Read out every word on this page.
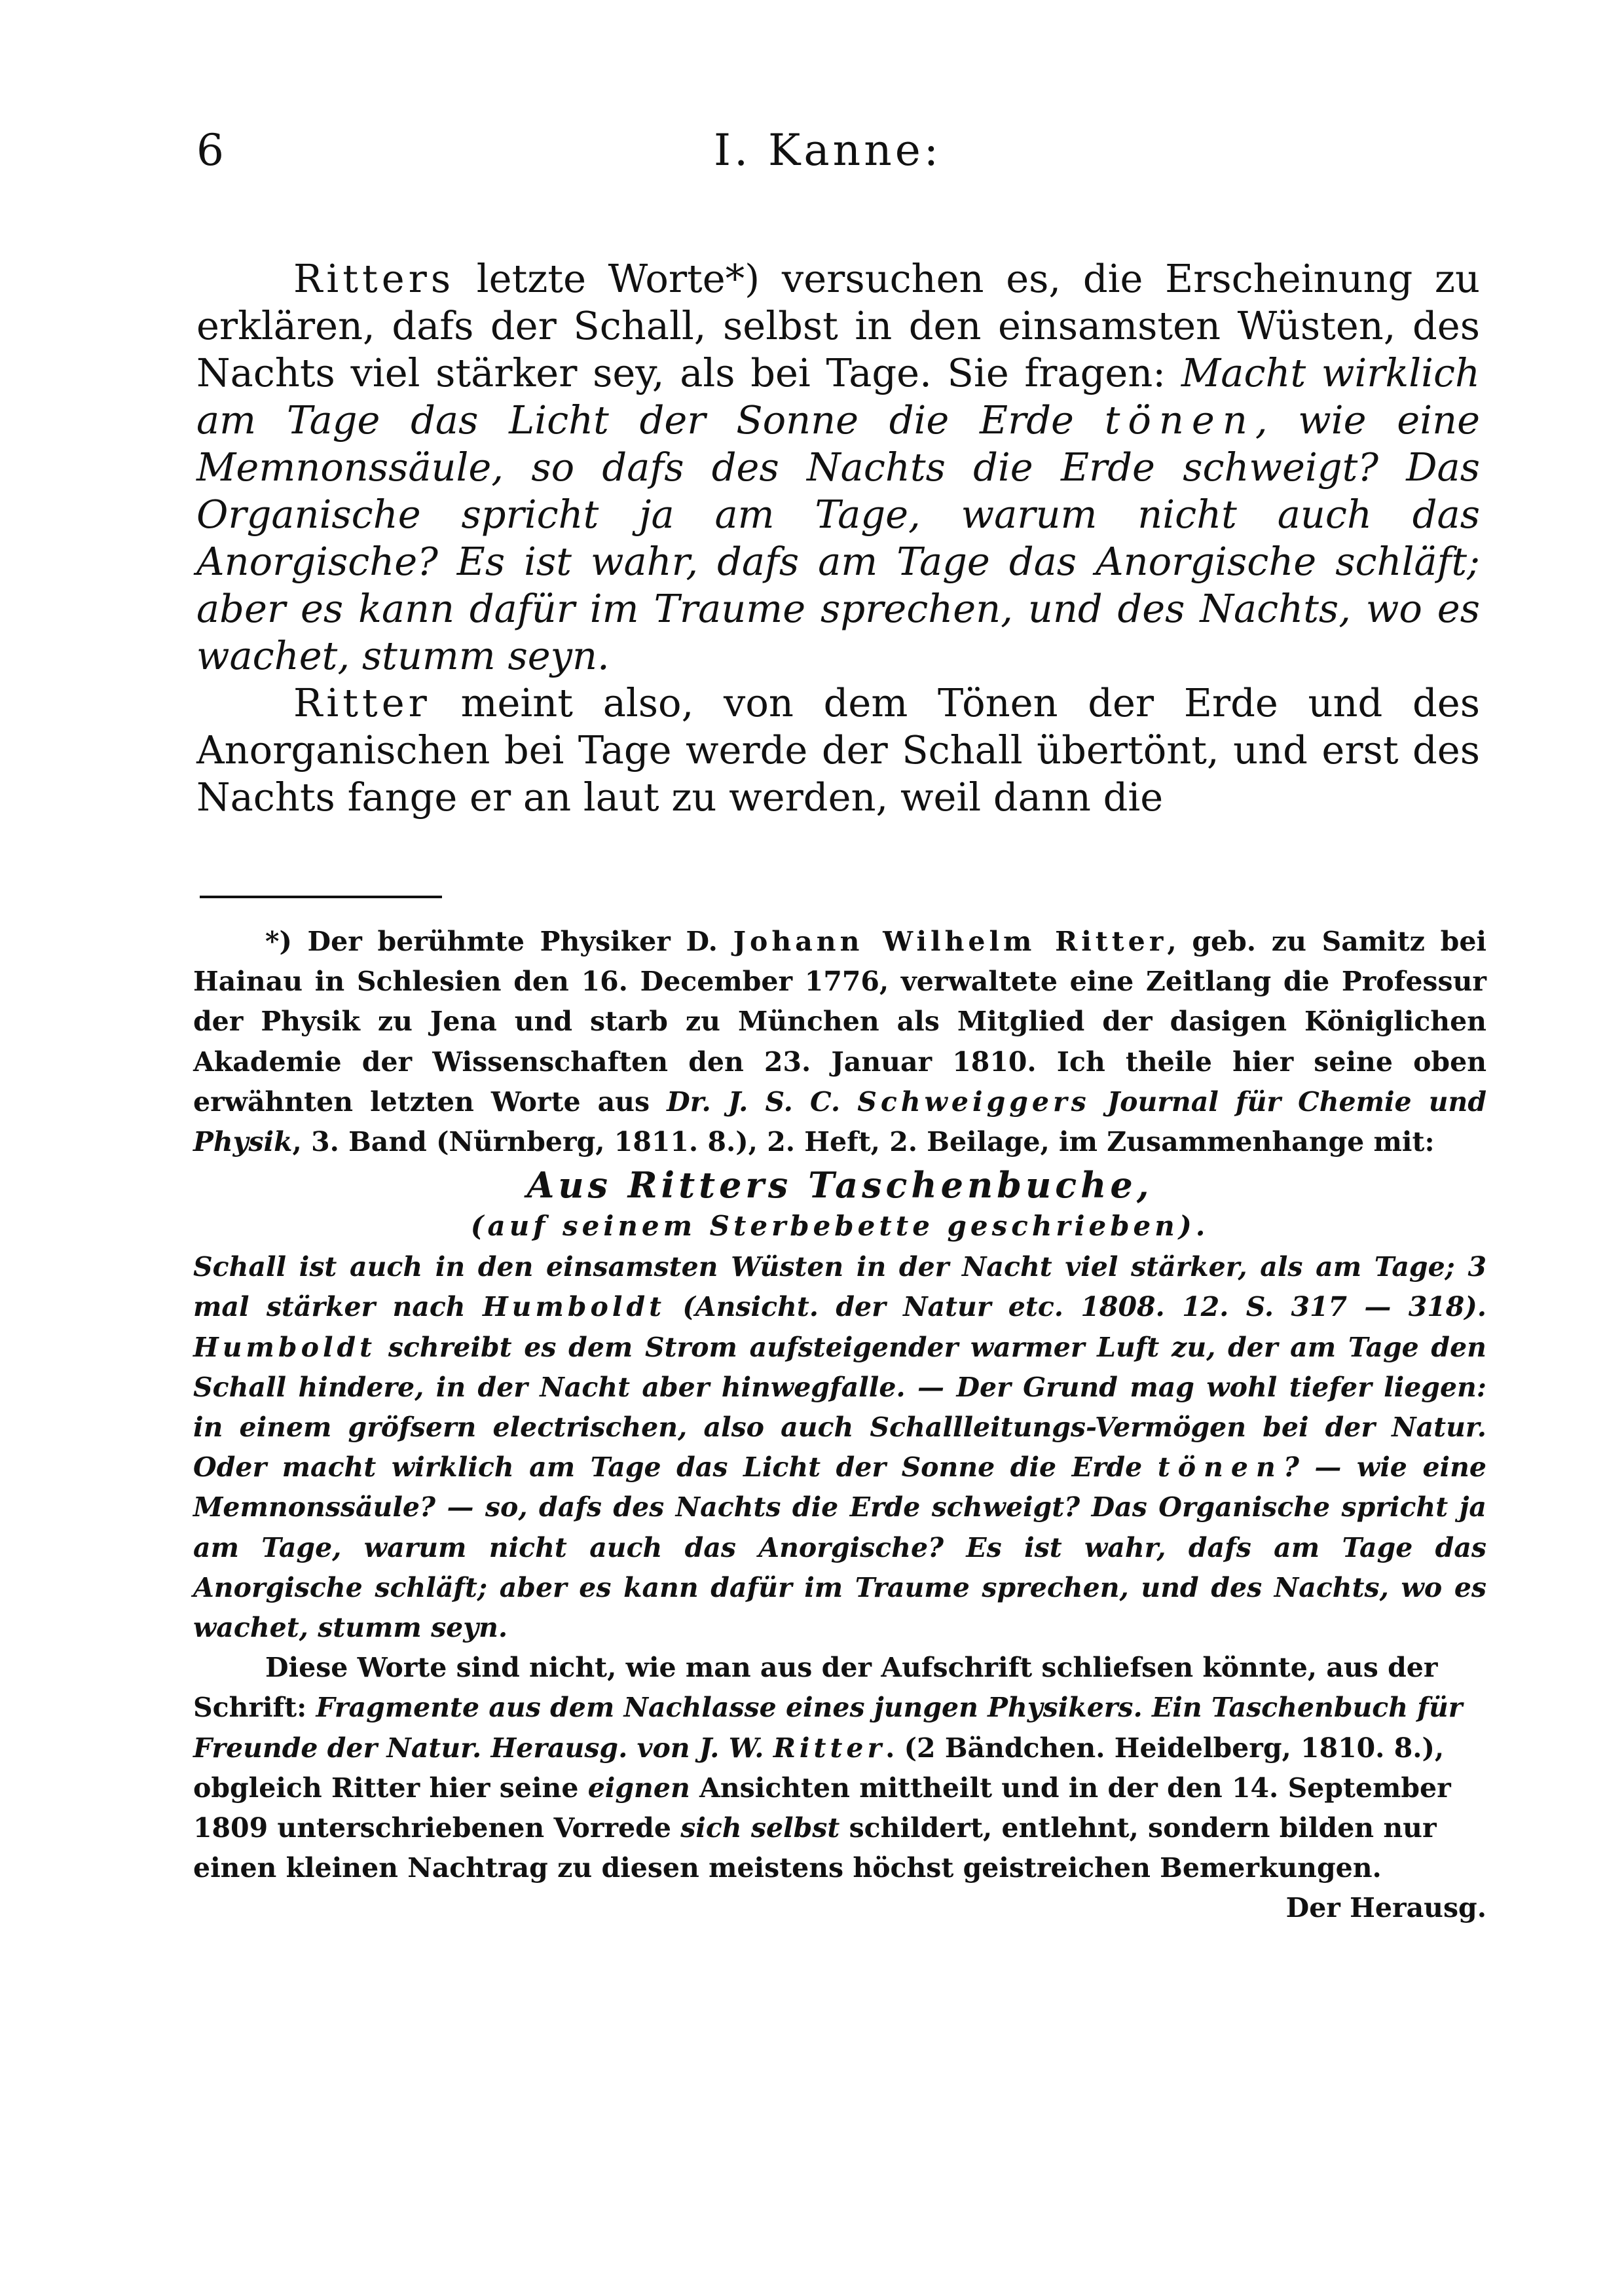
6	I. Kanne:

Ritters letzte Worte*) versuchen es, die Erscheinung zu erklären, dafs der Schall, selbst in den einsamsten Wüsten, des Nachts viel stärker sey, als bei Tage. Sie fragen: Macht wirklich am Tage das Licht der Sonne die Erde tönen, wie eine Memnonssäule, so dafs des Nachts die Erde schweigt? Das Organische spricht ja am Tage, warum nicht auch das Anorgische? Es ist wahr, dafs am Tage das Anorgische schläft; aber es kann dafür im Traume sprechen, und des Nachts, wo es wachet, stumm seyn.

Ritter meint also, von dem Tönen der Erde und des Anorganischen bei Tage werde der Schall übertönt, und erst des Nachts fange er an laut zu werden, weil dann die

*) Der berühmte Physiker D. Johann Wilhelm Ritter, geb. zu Samitz bei Hainau in Schlesien den 16. December 1776, verwaltete eine Zeitlang die Professur der Physik zu Jena und starb zu München als Mitglied der dasigen Königlichen Akademie der Wissenschaften den 23. Januar 1810. Ich theile hier seine oben erwähnten letzten Worte aus Dr. J. S. C. Schweiggers Journal für Chemie und Physik, 3. Band (Nürnberg, 1811. 8.), 2. Heft, 2. Beilage, im Zusammenhange mit:

Aus Ritters Taschenbuche,

(auf seinem Sterbebette geschrieben).

Schall ist auch in den einsamsten Wüsten in der Nacht viel stärker, als am Tage; 3 mal stärker nach Humboldt (Ansicht. der Natur etc. 1808. 12. S. 317 — 318). Humboldt schreibt es dem Strom aufsteigender warmer Luft zu, der am Tage den Schall hindere, in der Nacht aber hinwegfalle. — Der Grund mag wohl tiefer liegen: in einem gröfsern electrischen, also auch Schallleitungs-Vermögen bei der Natur. Oder macht wirklich am Tage das Licht der Sonne die Erde tönen? — wie eine Memnonssäule? — so, dafs des Nachts die Erde schweigt? Das Organische spricht ja am Tage, warum nicht auch das Anorgische? Es ist wahr, dafs am Tage das Anorgische schläft; aber es kann dafür im Traume sprechen, und des Nachts, wo es wachet, stumm seyn.

Diese Worte sind nicht, wie man aus der Aufschrift schliefsen könnte, aus der Schrift: Fragmente aus dem Nachlasse eines jungen Physikers. Ein Taschenbuch für Freunde der Natur. Herausg. von J. W. Ritter. (2 Bändchen. Heidelberg, 1810. 8.), obgleich Ritter hier seine eignen Ansichten mittheilt und in der den 14. September 1809 unterschriebenen Vorrede sich selbst schildert, entlehnt, sondern bilden nur einen kleinen Nachtrag zu diesen meistens höchst geistreichen Bemerkungen.
Der Herausg.
